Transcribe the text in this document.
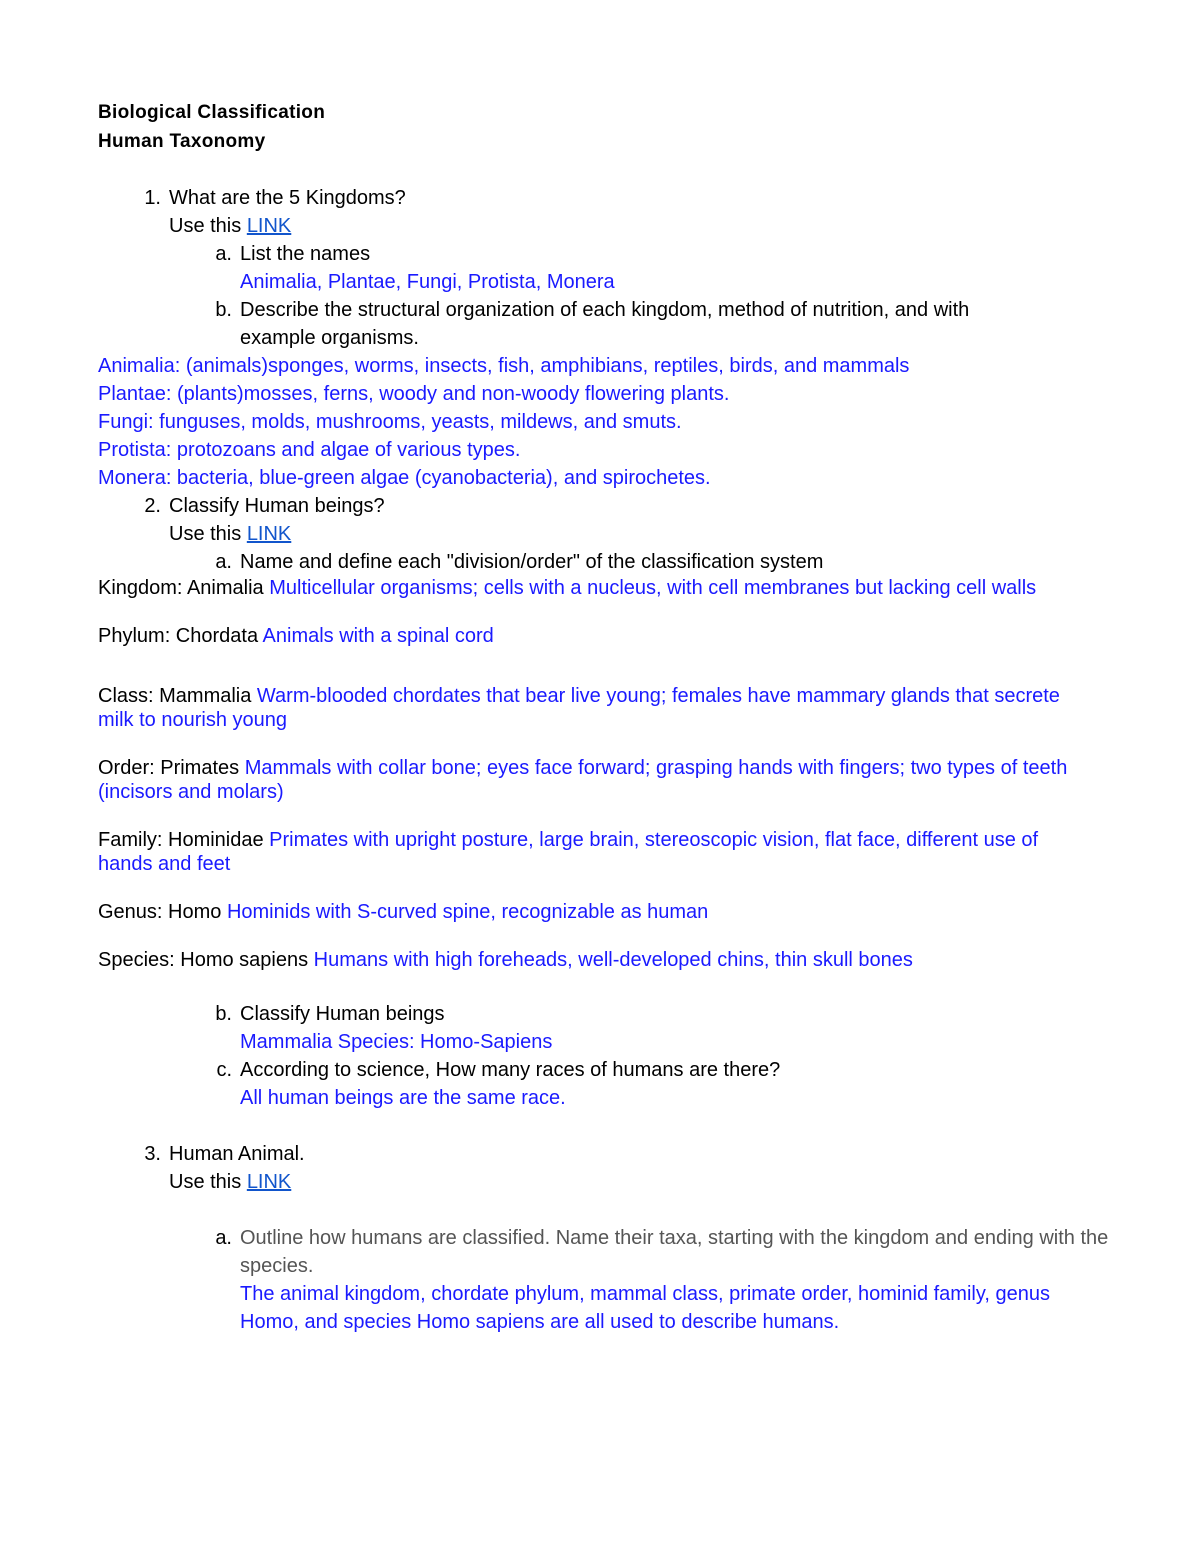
Biological Classification
Human Taxonomy
1. What are the 5 Kingdoms?
Use this LINK
a. List the names
Animalia, Plantae, Fungi, Protista, Monera
b. Describe the structural organization of each kingdom, method of nutrition, and with example organisms.
Animalia: (animals)sponges, worms, insects, fish, amphibians, reptiles, birds, and mammals
Plantae: (plants)mosses, ferns, woody and non-woody flowering plants.
Fungi: funguses, molds, mushrooms, yeasts, mildews, and smuts.
Protista: protozoans and algae of various types.
Monera: bacteria, blue-green algae (cyanobacteria), and spirochetes.
2. Classify Human beings?
Use this LINK
a. Name and define each "division/order" of the classification system
Kingdom: Animalia Multicellular organisms; cells with a nucleus, with cell membranes but lacking cell walls
Phylum: Chordata Animals with a spinal cord
Class: Mammalia Warm-blooded chordates that bear live young; females have mammary glands that secrete milk to nourish young
Order: Primates Mammals with collar bone; eyes face forward; grasping hands with fingers; two types of teeth (incisors and molars)
Family: Hominidae Primates with upright posture, large brain, stereoscopic vision, flat face, different use of hands and feet
Genus: Homo Hominids with S-curved spine, recognizable as human
Species: Homo sapiens Humans with high foreheads, well-developed chins, thin skull bones
b. Classify Human beings
Mammalia Species: Homo-Sapiens
c. According to science, How many races of humans are there?
All human beings are the same race.
3. Human Animal.
Use this LINK
a. Outline how humans are classified. Name their taxa, starting with the kingdom and ending with the species.
The animal kingdom, chordate phylum, mammal class, primate order, hominid family, genus Homo, and species Homo sapiens are all used to describe humans.
